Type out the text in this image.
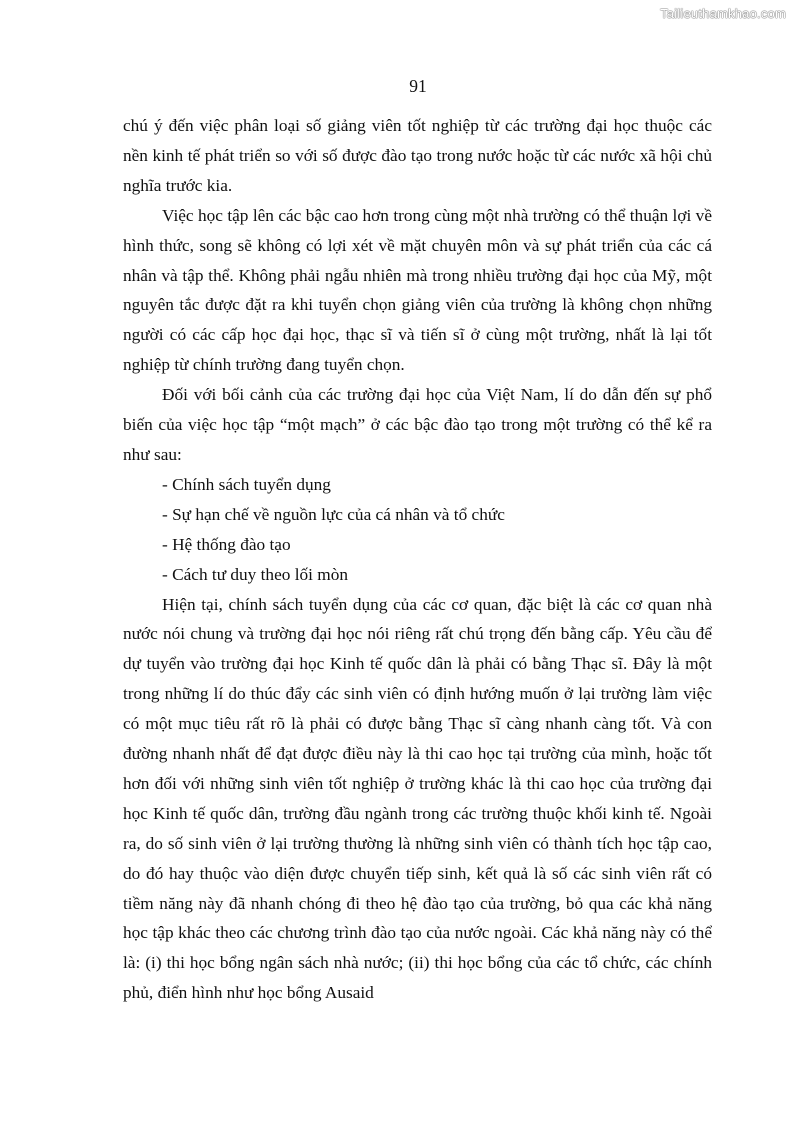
Tailieuthamkhao.com
91

chú ý đến việc phân loại số giảng viên tốt nghiệp từ các trường đại học thuộc các nền kinh tế phát triển so với số được đào tạo trong nước hoặc từ các nước xã hội chủ nghĩa trước kia.

Việc học tập lên các bậc cao hơn trong cùng một nhà trường có thể thuận lợi về hình thức, song sẽ không có lợi xét về mặt chuyên môn và sự phát triển của các cá nhân và tập thể. Không phải ngẫu nhiên mà trong nhiều trường đại học của Mỹ, một nguyên tắc được đặt ra khi tuyển chọn giảng viên của trường là không chọn những người có các cấp học đại học, thạc sĩ và tiến sĩ ở cùng một trường, nhất là lại tốt nghiệp từ chính trường đang tuyển chọn.

Đối với bối cảnh của các trường đại học của Việt Nam, lí do dẫn đến sự phổ biến của việc học tập “một mạch” ở các bậc đào tạo trong một trường có thể kể ra như sau:

- Chính sách tuyển dụng

- Sự hạn chế về nguồn lực của cá nhân và tổ chức

- Hệ thống đào tạo

- Cách tư duy theo lối mòn

Hiện tại, chính sách tuyển dụng của các cơ quan, đặc biệt là các cơ quan nhà nước nói chung và trường đại học nói riêng rất chú trọng đến bằng cấp. Yêu cầu để dự tuyển vào trường đại học Kinh tế quốc dân là phải có bằng Thạc sĩ. Đây là một trong những lí do thúc đẩy các sinh viên có định hướng muốn ở lại trường làm việc có một mục tiêu rất rõ là phải có được bằng Thạc sĩ càng nhanh càng tốt. Và con đường nhanh nhất để đạt được điều này là thi cao học tại trường của mình, hoặc tốt hơn đối với những sinh viên tốt nghiệp ở trường khác là thi cao học của trường đại học Kinh tế quốc dân, trường đầu ngành trong các trường thuộc khối kinh tế. Ngoài ra, do số sinh viên ở lại trường thường là những sinh viên có thành tích học tập cao, do đó hay thuộc vào diện được chuyển tiếp sinh, kết quả là số các sinh viên rất có tiềm năng này đã nhanh chóng đi theo hệ đào tạo của trường, bỏ qua các khả năng học tập khác theo các chương trình đào tạo của nước ngoài. Các khả năng này có thể là: (i) thi học bổng ngân sách nhà nước; (ii) thi học bổng của các tổ chức, các chính phủ, điển hình như học bổng Ausaid
